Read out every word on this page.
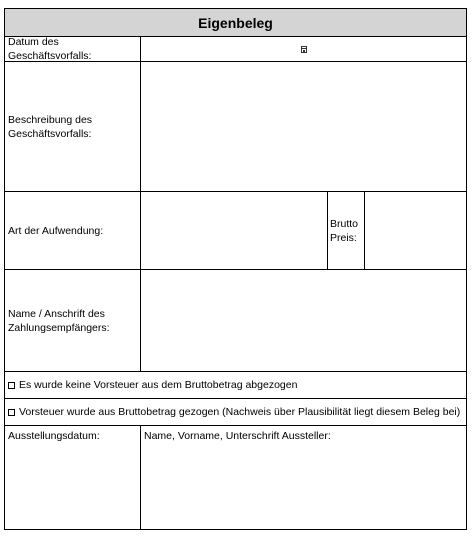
Eigenbeleg
Datum des Geschäftsvorfalls:
Beschreibung des
Geschäftsvorfalls:
Art der Aufwendung:
Brutto
Preis:
Name / Anschrift des
Zahlungsempfängers:
Es wurde keine Vorsteuer aus dem Bruttobetrag abgezogen
Vorsteuer wurde aus Bruttobetrag gezogen (Nachweis über Plausibilität liegt diesem Beleg bei)
Ausstellungsdatum:	Name, Vorname, Unterschrift Aussteller:
